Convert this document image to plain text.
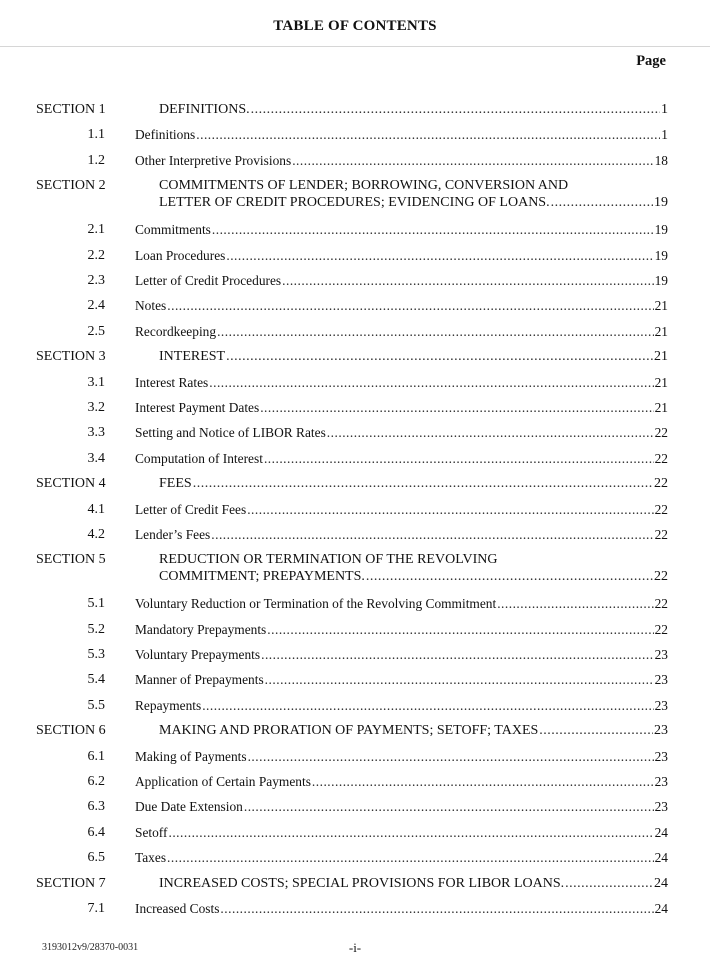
TABLE OF CONTENTS
Page
SECTION 1	DEFINITIONS. .....	1
1.1 Definitions .....	1
1.2 Other Interpretive Provisions .....	18
SECTION 2	COMMITMENTS OF LENDER; BORROWING, CONVERSION AND
LETTER OF CREDIT PROCEDURES; EVIDENCING OF LOANS. .....	19
2.1 Commitments .....	19
2.2 Loan Procedures .....	19
2.3 Letter of Credit Procedures .....	19
2.4 Notes .....	21
2.5 Recordkeeping .....	21
SECTION 3	INTEREST .....	21
3.1 Interest Rates .....	21
3.2 Interest Payment Dates .....	21
3.3 Setting and Notice of LIBOR Rates .....	22
3.4 Computation of Interest .....	22
SECTION 4	FEES .....	22
4.1 Letter of Credit Fees .....	22
4.2 Lender’s Fees .....	22
SECTION 5	REDUCTION OR TERMINATION OF THE REVOLVING
COMMITMENT; PREPAYMENTS. .....	22
5.1 Voluntary Reduction or Termination of the Revolving Commitment .....	22
5.2 Mandatory Prepayments .....	22
5.3 Voluntary Prepayments .....	23
5.4 Manner of Prepayments .....	23
5.5 Repayments .....	23
SECTION 6	MAKING AND PRORATION OF PAYMENTS; SETOFF; TAXES .....	23
6.1 Making of Payments .....	23
6.2 Application of Certain Payments .....	23
6.3 Due Date Extension .....	23
6.4 Setoff .....	24
6.5 Taxes .....	24
SECTION 7	INCREASED COSTS; SPECIAL PROVISIONS FOR LIBOR LOANS. .....	24
7.1 Increased Costs .....	24
3193012v9/28370-0031	-i-
